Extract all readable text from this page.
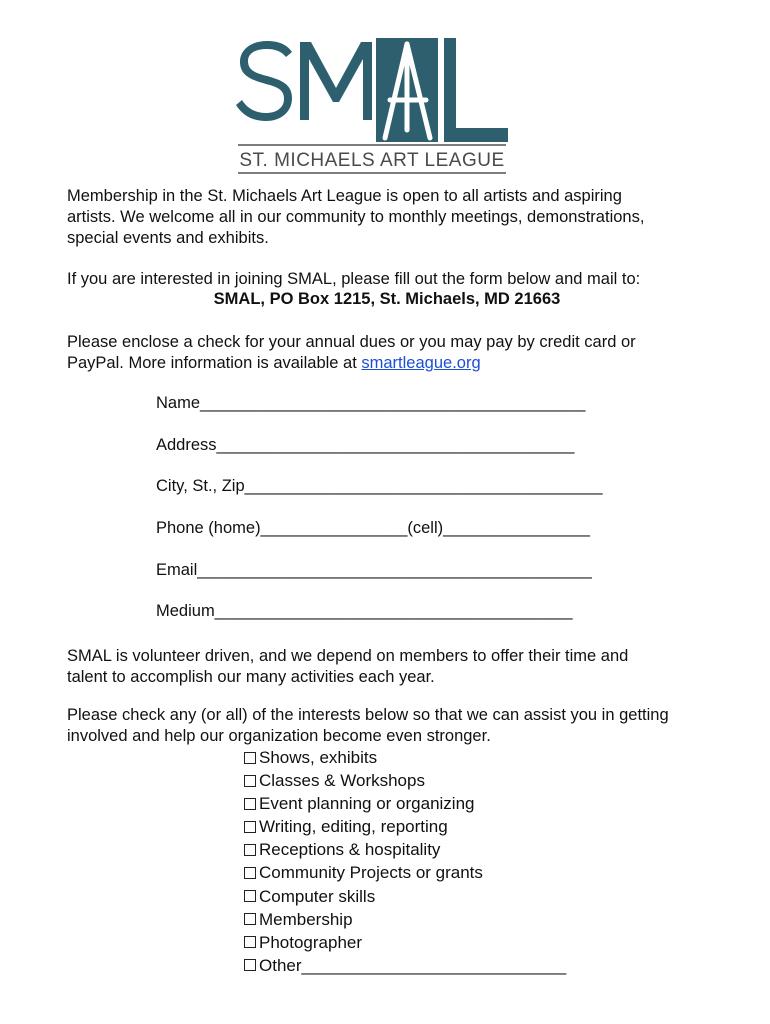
ST. MICHAELS ART LEAGUE
Membership in the St. Michaels Art League is open to all artists and aspiring
artists. We welcome all in our community to monthly meetings, demonstrations,
special events and exhibits.
If you are interested in joining SMAL, please fill out the form below and mail to:
SMAL, PO Box 1215, St. Michaels, MD 21663
Please enclose a check for your annual dues or you may pay by credit card or
PayPal. More information is available at smartleague.org
Name__________________________________________
Address_______________________________________
City, St., Zip_______________________________________
Phone (home)________________(cell)________________
Email___________________________________________
Medium_______________________________________
SMAL is volunteer driven, and we depend on members to offer their time and
talent to accomplish our many activities each year.
Please check any (or all) of the interests below so that we can assist you in getting
involved and help our organization become even stronger.
Shows, exhibits
Classes & Workshops
Event planning or organizing
Writing, editing, reporting
Receptions & hospitality
Community Projects or grants
Computer skills
Membership
Photographer
Other____________________________
